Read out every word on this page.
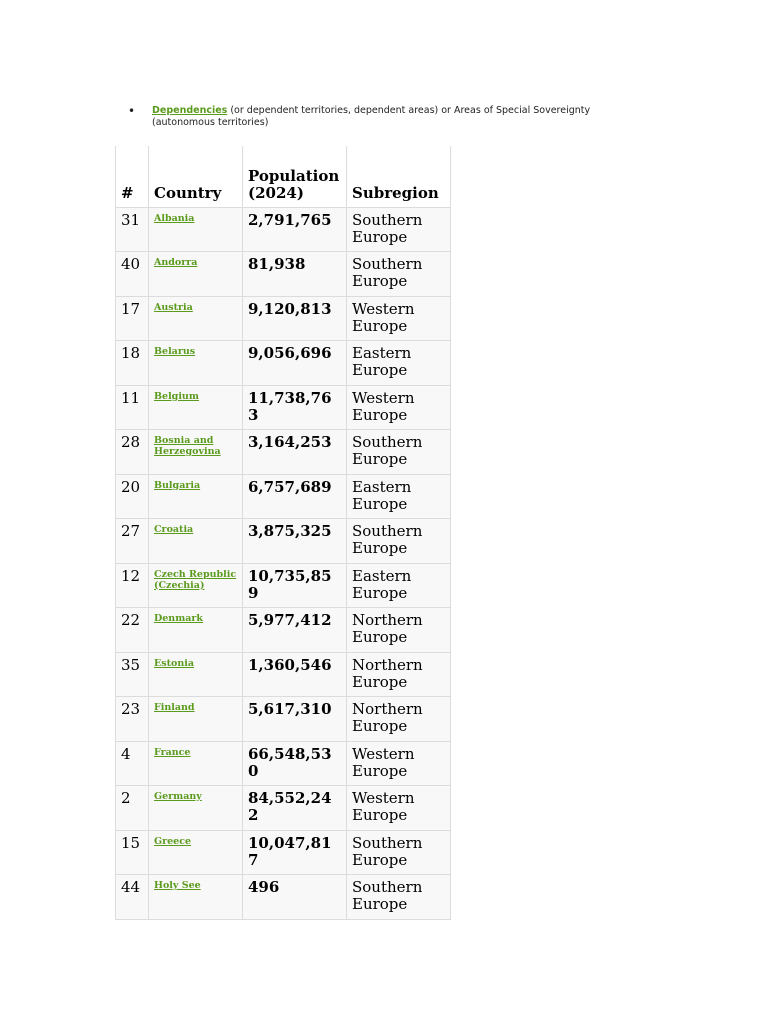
• Dependencies (or dependent territories, dependent areas) or Areas of Special Sovereignty (autonomous territories)
#	Country	Population (2024)	Subregion
31	Albania	2,791,765	Southern Europe
40	Andorra	81,938	Southern Europe
17	Austria	9,120,813	Western Europe
18	Belarus	9,056,696	Eastern Europe
11	Belgium	11,738,763	Western Europe
28	Bosnia and Herzegovina	3,164,253	Southern Europe
20	Bulgaria	6,757,689	Eastern Europe
27	Croatia	3,875,325	Southern Europe
12	Czech Republic (Czechia)	10,735,859	Eastern Europe
22	Denmark	5,977,412	Northern Europe
35	Estonia	1,360,546	Northern Europe
23	Finland	5,617,310	Northern Europe
4	France	66,548,530	Western Europe
2	Germany	84,552,242	Western Europe
15	Greece	10,047,817	Southern Europe
44	Holy See	496	Southern Europe
